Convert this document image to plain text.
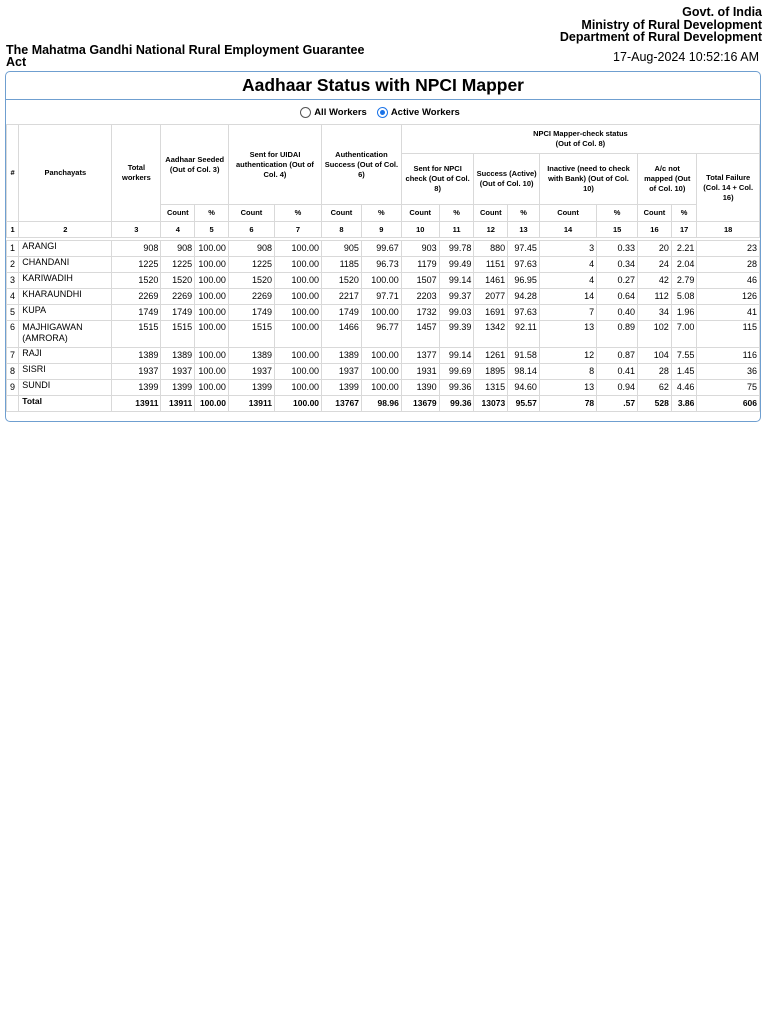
Govt. of India
Ministry of Rural Development
Department of Rural Development
The Mahatma Gandhi National Rural Employment Guarantee Act	17-Aug-2024 10:52:16 AM
Aadhaar Status with NPCI Mapper
All Workers	Active Workers
#	Panchayats	Total workers	Aadhaar Seeded (Out of Col. 3)		Sent for UIDAI authentication (Out of Col. 4)		Authentication Success (Out of Col. 6)		NPCI Mapper-check status
(Out of Col. 8)								

									Sent for NPCI check (Out of Col. 8)		Success (Active) (Out of Col. 10)		Inactive (need to check with Bank) (Out of Col. 10)		A/c not mapped (Out of Col. 10)		Total Failure (Col. 14 + Col. 16)
			Count	%	Count	%	Count	%	Count	%	Count	%	Count	%	Count	%	
1	2	3	4	5	6	7	8	9	10	11	12	13	14	15	16	17	18

1	ARANGI	908	908	100.00	908	100.00	905	99.67	903	99.78	880	97.45	3	0.33	20	2.21	23
2	CHANDANI	1225	1225	100.00	1225	100.00	1185	96.73	1179	99.49	1151	97.63	4	0.34	24	2.04	28
3	KARIWADIH	1520	1520	100.00	1520	100.00	1520	100.00	1507	99.14	1461	96.95	4	0.27	42	2.79	46
4	KHARAUNDHI	2269	2269	100.00	2269	100.00	2217	97.71	2203	99.37	2077	94.28	14	0.64	112	5.08	126
5	KUPA	1749	1749	100.00	1749	100.00	1749	100.00	1732	99.03	1691	97.63	7	0.40	34	1.96	41
6	MAJHIGAWAN (AMRORA)	1515	1515	100.00	1515	100.00	1466	96.77	1457	99.39	1342	92.11	13	0.89	102	7.00	115
7	RAJI	1389	1389	100.00	1389	100.00	1389	100.00	1377	99.14	1261	91.58	12	0.87	104	7.55	116
8	SISRI	1937	1937	100.00	1937	100.00	1937	100.00	1931	99.69	1895	98.14	8	0.41	28	1.45	36
9	SUNDI	1399	1399	100.00	1399	100.00	1399	100.00	1390	99.36	1315	94.60	13	0.94	62	4.46	75
	Total	13911	13911	100.00	13911	100.00	13767	98.96	13679	99.36	13073	95.57	78	.57	528	3.86	606
